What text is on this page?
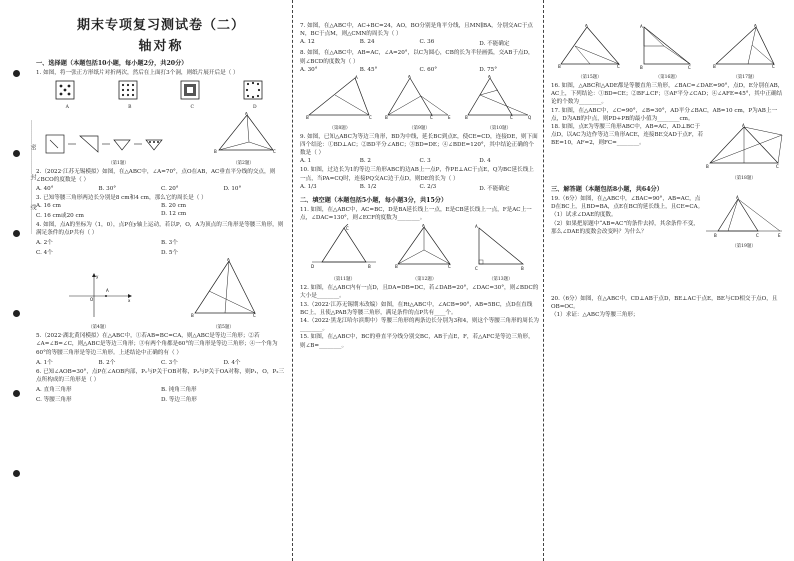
…………密…………封…………线…………
期末专项复习测试卷（二）
轴对称
一、选择题（本题包括10小题，每小题2分，共20分）

1. 如图，将一张正方形纸片对折两次，然后在上面打3个洞，则纸片展开后是（ ）

A	B	C	D
（第1题）
A
B	C
（第2题）

2.（2022·江苏无锡模拟）如图，在△ABC中，∠A=70°，点O在AB，AC垂直平分线的交点，则∠BCO的度数是（ ）

A. 40°	B. 30°	C. 20°	D. 10°

3. 已知等腰三角形两边长分别是8 cm和4 cm，那么它的周长是（ ）

A. 16 cm	B. 20 cm
C. 16 cm或20 cm	D. 12 cm

4. 如图，点A的坐标为（1，0），点P在y轴上运动，若以P，O，A为顶点的三角形是等腰三角形，则满足条件的点P共有（ ）

A. 2个	B. 3个
C. 4个	D. 5个
A
O	x
y
（第4题）
A
B	C
（第5题）

5.（2022·湖北黄冈模拟）在△ABC中，①若AB=BC=CA，则△ABC是等边三角形；②若∠A=∠B=∠C，则△ABC是等边三角形；③有两个角都是60°的三角形是等边三角形；④一个角为60°的等腰三角形是等边三角形。上述结论中正确的有（ ）

A. 1个	B. 2个	C. 3个	D. 4个

6. 已知∠AOB=30°，点P在∠AOB内部，P₁与P关于OB对称，P₂与P关于OA对称，则P₁，O，P₂三点所构成的三角形是（ ）

A. 直角三角形	B. 钝角三角形
C. 等腰三角形	D. 等边三角形

7. 如图，在△ABC中，AC+BC=24，AO，BO分别是角平分线，且MN∥BA，分别交AC于点N，BC于点M，则△CMN的周长为（ ）

A. 12	B. 24	C. 36	D. 不能确定

8. 如图，在△ABC中，AB=AC，∠A=20°，以C为圆心，CB的长为半径画弧，交AB于点D，则∠BCD的度数为（ ）

A. 30°	B. 45°	C. 60°	D. 75°
A
B	C
（第8题）
A
B	C	E
（第9题）
A
B	C	Q
（第10题）

9. 如图，已知△ABC为等边三角形，BD为中线，延长BC到点E，使CE=CD，连接DE，则下面四个结论：①BD⊥AC；②BD平分∠ABC；③BD=DE；④∠BDE=120°，其中结论正确的个数是（ ）

A. 1	B. 2	C. 3	D. 4

10. 如图，过边长为1的等边三角形ABC的边AB上一点P，作PE⊥AC于点E，Q为BC延长线上一点，当PA=CQ时，连接PQ交AC边于点D，则DE的长为（ ）

A. 1/3	B. 1/2	C. 2/3	D. 不能确定
二、填空题（本题包括5小题，每小题3分，共15分）

11. 如图，在△ABC中，AC=BC，D是BA延长线上一点，E是CB延长线上一点，F是AC上一点，∠DAC=130°，则∠ECF的度数为________。

C
D	B
（第11题）
A
B	C
（第12题）
A
C	B
（第13题）

12. 如图，在△ABC内有一点D，且DA=DB=DC，若∠DAB=20°，∠DAC=30°，则∠BDC的大小是________。

13.（2022·江苏无锡期末改编）如图，在Rt△ABC中，∠ACB=90°，AB=5BC，点D在直线BC上，且使△PAB为等腰三角形，满足条件的点P共有____个。

14.（2022·黑龙江哈尔滨期中）等腰三角形的两条边长分别为3和4，则这个等腰三角形的周长为________。

15. 如图，在△ABC中，BC的垂直平分线分别交BC，AB于点E，F，若△AFC是等边三角形，则∠B=________。

A
B	C
（第15题）
A
B	C
（第16题）
A
B	C
（第17题）

16. 如图，△ABC和△ADE都是等腰直角三角形，∠BAC=∠DAE=90°，点D，E分别在AB，AC上，下列结论：①BD=CE；②BF⊥CF；③AF平分∠CAD；④∠AFE=45°，其中正确结论的个数为________。

17. 如图，在△ABC中，∠C=90°，∠B=30°，AD平分∠BAC，AB=10 cm，P为AB上一点，D为AB的中点，则PD+PB的最小值为________cm。

18. 如图，点E为等腰三角形ABC中，AB=AC，AD⊥BC于点D，以AC为边作等边三角形ACE，连接BE交AD于点F，若BE=10，AF=2，则FC=________。

A
B	C
（第18题）
三、解答题（本题包括8小题，共64分）

19.（6分）如图，在△ABC中，∠BAC=90°，AB=AC，点D在BC上，且BD=BA，点E在BC的延长线上，且CE=CA。

（1）试求∠DAE的度数。

（2）如果把原题中“AB=AC”的条件去掉，其余条件不变，那么∠DAE的度数会改变吗？为什么？

A
B	C	E
（第19题）

20.（6分）如图，在△ABC中，CD⊥AB于点D，BE⊥AC于点E，BE与CD相交于点O，且OB=OC。

（1）求证：△ABC为等腰三角形；
